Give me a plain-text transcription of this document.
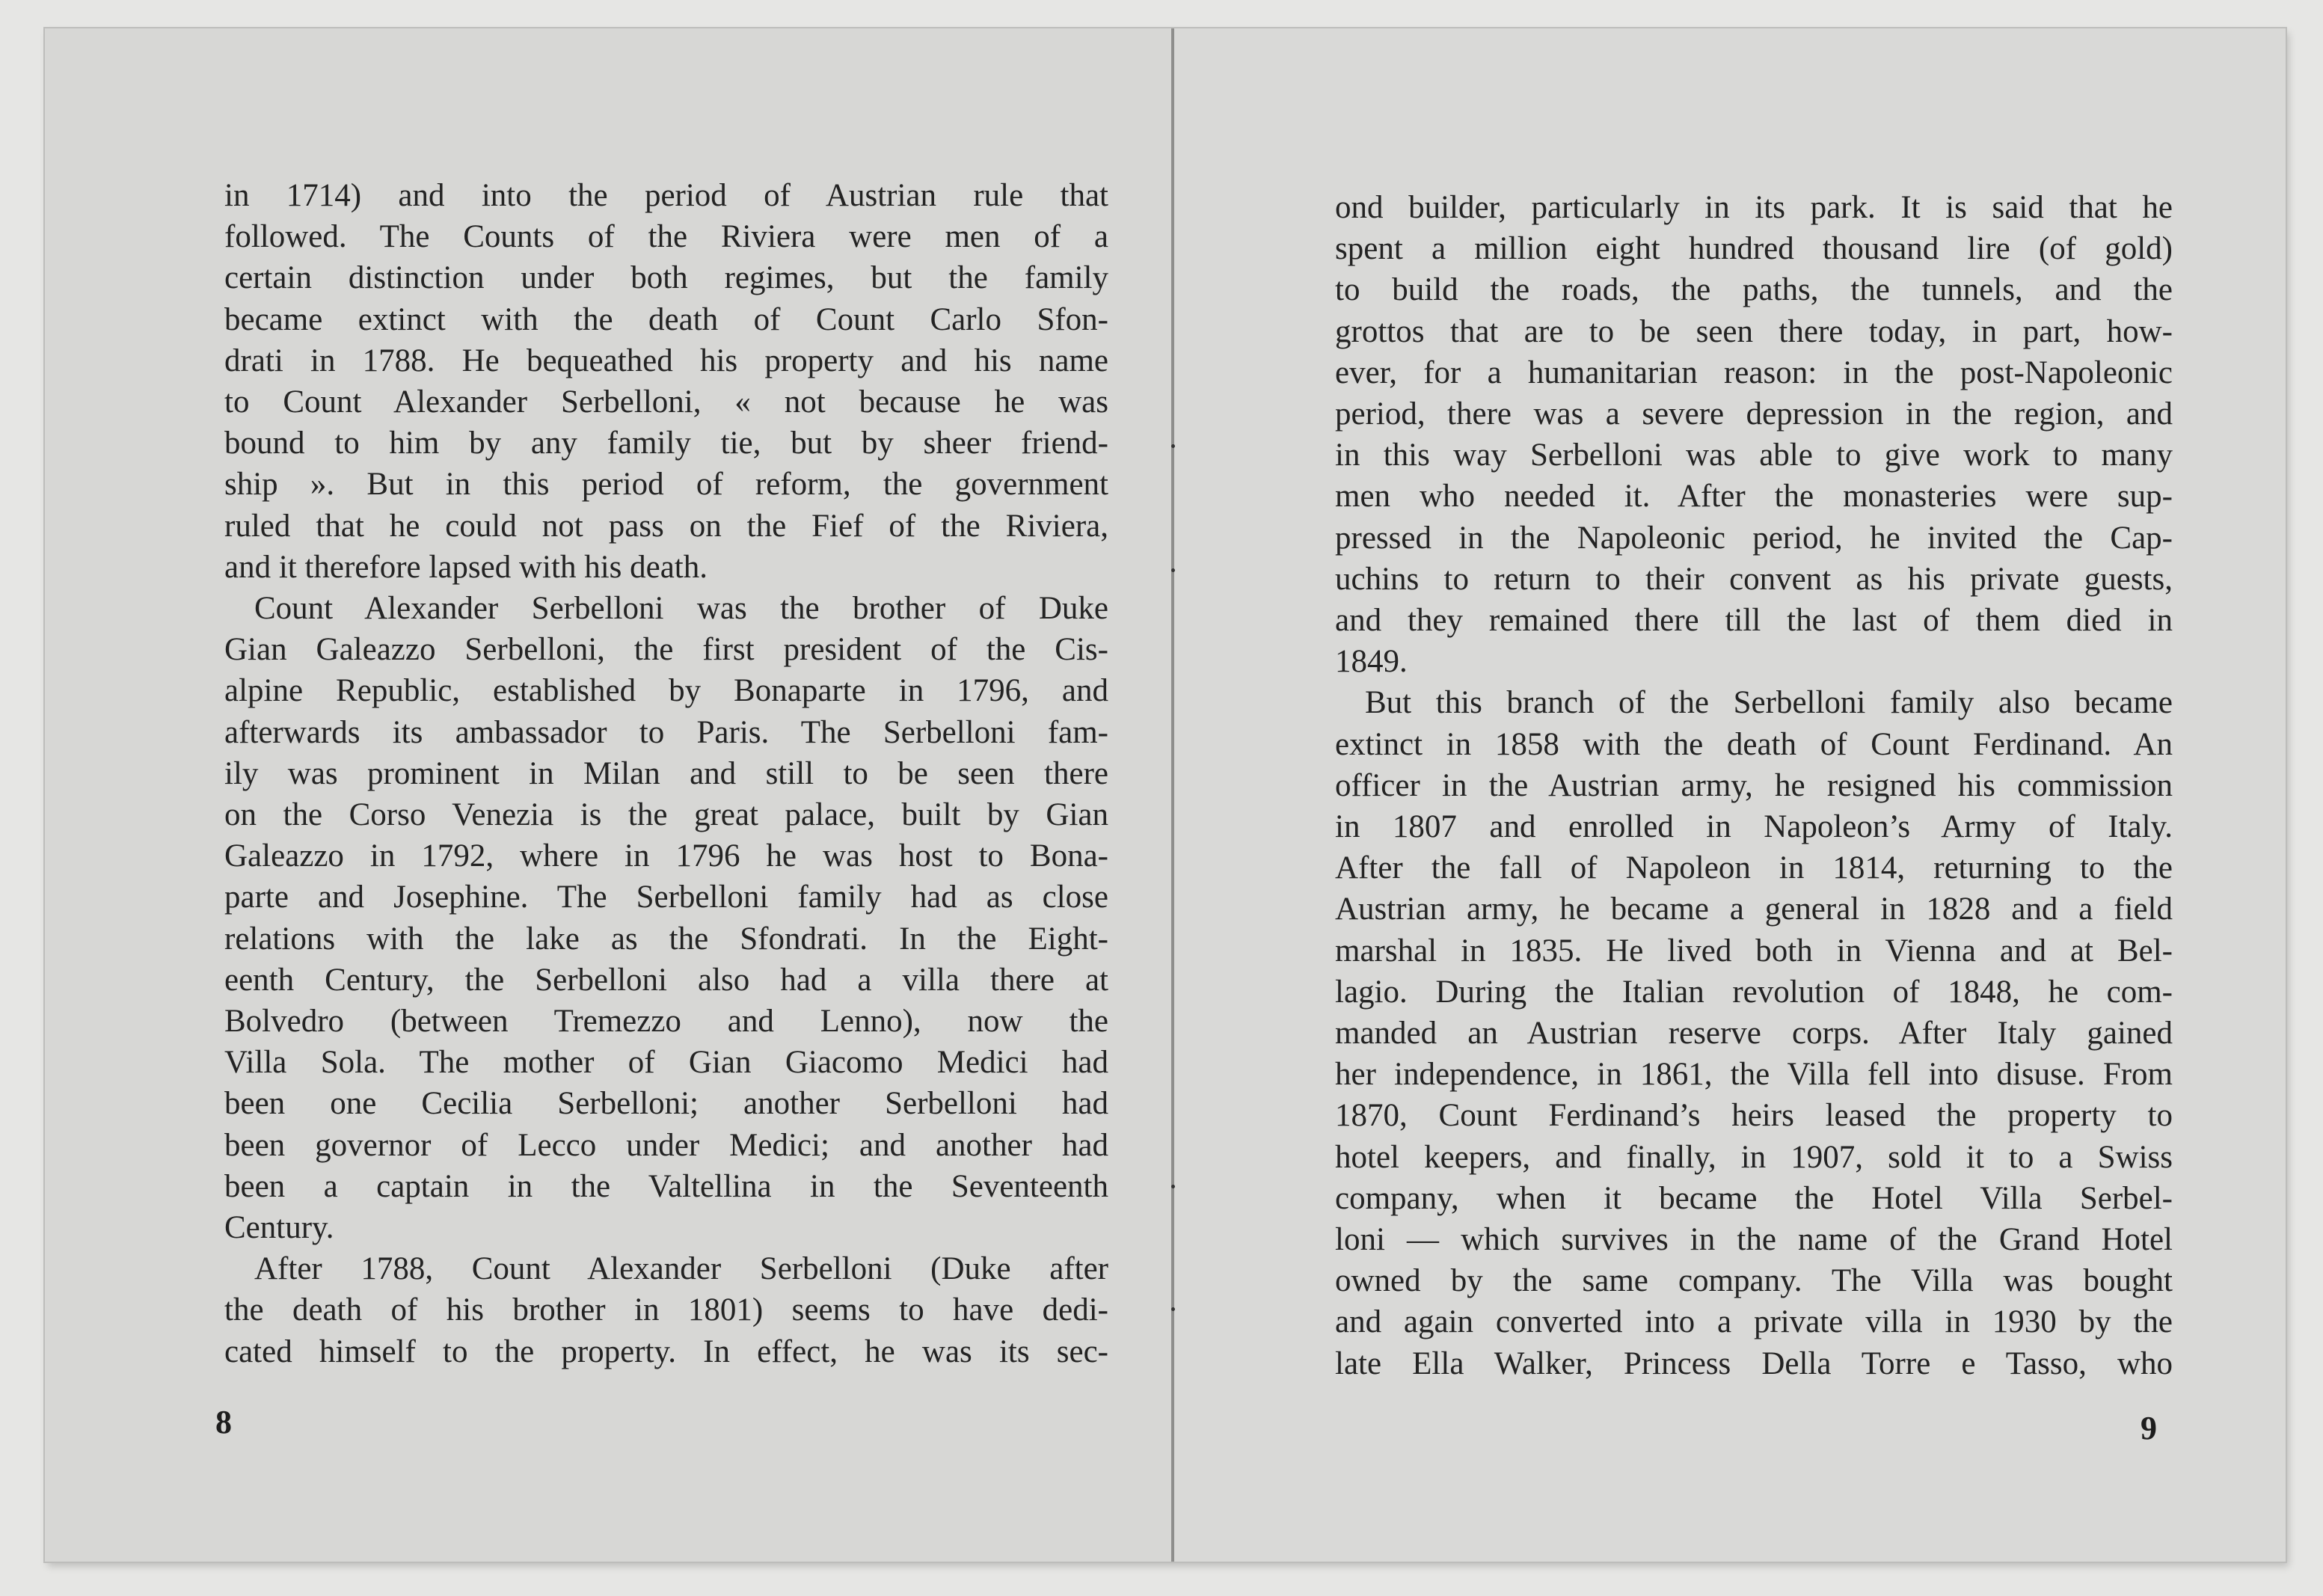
in 1714) and into the period of Austrian rule that
followed. The Counts of the Riviera were men of a
certain distinction under both regimes, but the family
became extinct with the death of Count Carlo Sfon-
drati in 1788. He bequeathed his property and his name
to Count Alexander Serbelloni, « not because he was
bound to him by any family tie, but by sheer friend-
ship ». But in this period of reform, the government
ruled that he could not pass on the Fief of the Riviera,
and it therefore lapsed with his death.
Count Alexander Serbelloni was the brother of Duke
Gian Galeazzo Serbelloni, the first president of the Cis-
alpine Republic, established by Bonaparte in 1796, and
afterwards its ambassador to Paris. The Serbelloni fam-
ily was prominent in Milan and still to be seen there
on the Corso Venezia is the great palace, built by Gian
Galeazzo in 1792, where in 1796 he was host to Bona-
parte and Josephine. The Serbelloni family had as close
relations with the lake as the Sfondrati. In the Eight-
eenth Century, the Serbelloni also had a villa there at
Bolvedro (between Tremezzo and Lenno), now the
Villa Sola. The mother of Gian Giacomo Medici had
been one Cecilia Serbelloni; another Serbelloni had
been governor of Lecco under Medici; and another had
been a captain in the Valtellina in the Seventeenth
Century.
After 1788, Count Alexander Serbelloni (Duke after
the death of his brother in 1801) seems to have dedi-
cated himself to the property. In effect, he was its sec-
8
ond builder, particularly in its park. It is said that he
spent a million eight hundred thousand lire (of gold)
to build the roads, the paths, the tunnels, and the
grottos that are to be seen there today, in part, how-
ever, for a humanitarian reason: in the post-Napoleonic
period, there was a severe depression in the region, and
in this way Serbelloni was able to give work to many
men who needed it. After the monasteries were sup-
pressed in the Napoleonic period, he invited the Cap-
uchins to return to their convent as his private guests,
and they remained there till the last of them died in
1849.
But this branch of the Serbelloni family also became
extinct in 1858 with the death of Count Ferdinand. An
officer in the Austrian army, he resigned his commission
in 1807 and enrolled in Napoleon’s Army of Italy.
After the fall of Napoleon in 1814, returning to the
Austrian army, he became a general in 1828 and a field
marshal in 1835. He lived both in Vienna and at Bel-
lagio. During the Italian revolution of 1848, he com-
manded an Austrian reserve corps. After Italy gained
her independence, in 1861, the Villa fell into disuse. From
1870, Count Ferdinand’s heirs leased the property to
hotel keepers, and finally, in 1907, sold it to a Swiss
company, when it became the Hotel Villa Serbel-
loni — which survives in the name of the Grand Hotel
owned by the same company. The Villa was bought
and again converted into a private villa in 1930 by the
late Ella Walker, Princess Della Torre e Tasso, who
9
